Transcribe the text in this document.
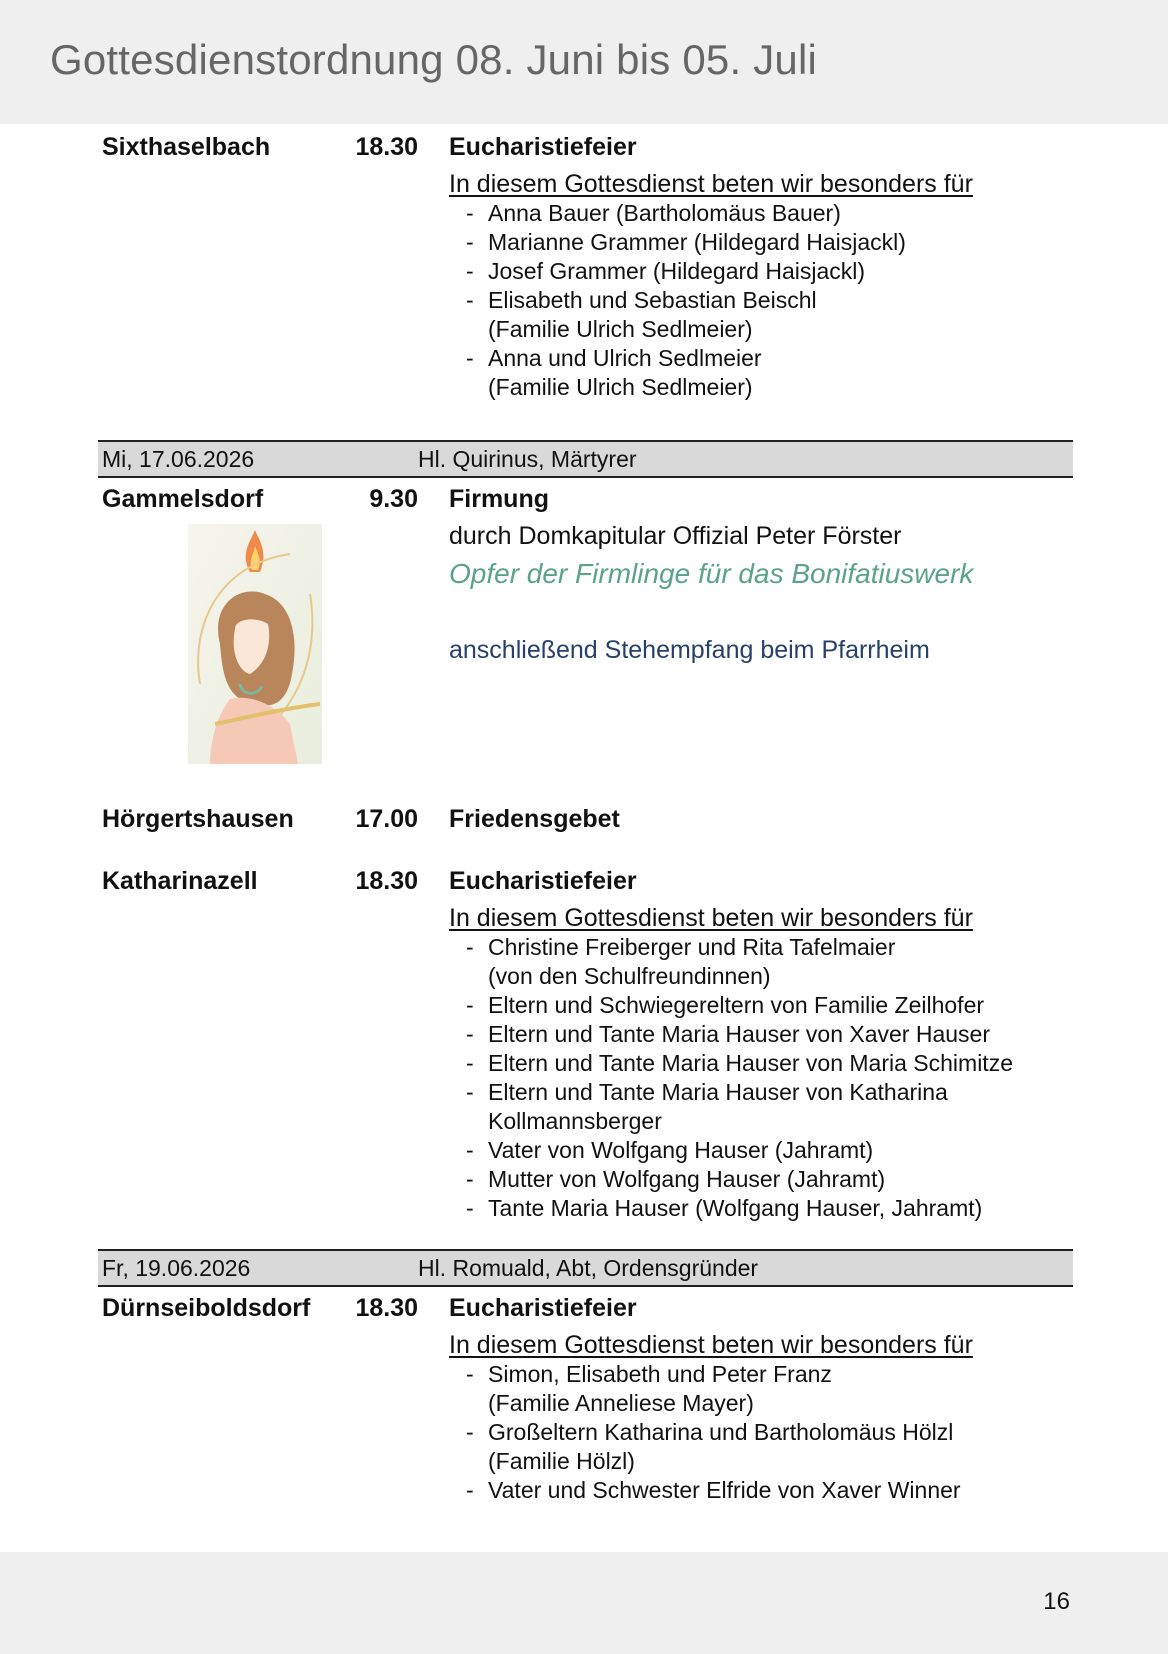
Gottesdienstordnung 08. Juni bis 05. Juli
Sixthaselbach	18.30 Eucharistiefeier
In diesem Gottesdienst beten wir besonders für
- Anna Bauer (Bartholomäus Bauer)
- Marianne Grammer (Hildegard Haisjackl)
- Josef Grammer (Hildegard Haisjackl)
- Elisabeth und Sebastian Beischl
(Familie Ulrich Sedlmeier)
- Anna und Ulrich Sedlmeier
(Familie Ulrich Sedlmeier)
Mi, 17.06.2026	Hl. Quirinus, Märtyrer
Gammelsdorf	9.30 Firmung
durch Domkapitular Offizial Peter Förster
Opfer der Firmlinge für das Bonifatiuswerk
anschließend Stehempfang beim Pfarrheim
Hörgertshausen 17.00 Friedensgebet
Katharinazell	18.30 Eucharistiefeier
In diesem Gottesdienst beten wir besonders für
- Christine Freiberger und Rita Tafelmaier
(von den Schulfreundinnen)
- Eltern und Schwiegereltern von Familie Zeilhofer
- Eltern und Tante Maria Hauser von Xaver Hauser
- Eltern und Tante Maria Hauser von Maria Schimitze
- Eltern und Tante Maria Hauser von Katharina
Kollmannsberger
- Vater von Wolfgang Hauser (Jahramt)
- Mutter von Wolfgang Hauser (Jahramt)
- Tante Maria Hauser (Wolfgang Hauser, Jahramt)
Fr, 19.06.2026	Hl. Romuald, Abt, Ordensgründer
Dürnseiboldsdorf 18.30 Eucharistiefeier
In diesem Gottesdienst beten wir besonders für
- Simon, Elisabeth und Peter Franz
(Familie Anneliese Mayer)
- Großeltern Katharina und Bartholomäus Hölzl
(Familie Hölzl)
- Vater und Schwester Elfride von Xaver Winner
16
